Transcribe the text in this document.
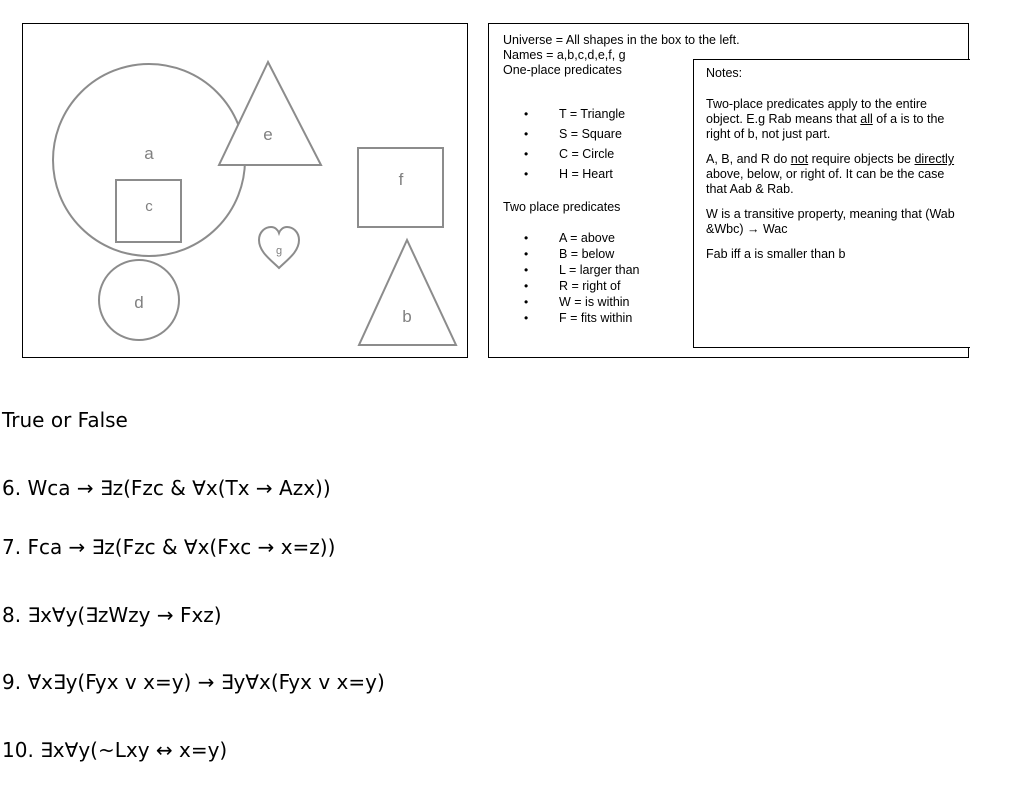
a
e
c
f
d
b
g
Universe = All shapes in the box to the left.
Names = a,b,c,d,e,f, g
One-place predicates
• T = Triangle
• S = Square
• C = Circle
• H = Heart
Two place predicates
• A = above
• B = below
• L = larger than
• R = right of
• W = is within
• F = fits within

Notes:

Two-place predicates apply to the entire object. E.g Rab means that all of a is to the right of b, not just part.

A, B, and R do not require objects be directly above, below, or right of. It can be the case that Aab & Rab.

W is a transitive property, meaning that (Wab &Wbc) → Wac

Fab iff a is smaller than b

True or False
6. Wca → ∃z(Fzc & ∀x(Tx → Azx))
7. Fca → ∃z(Fzc & ∀x(Fxc → x=z))
8. ∃x∀y(∃zWzy → Fxz)
9. ∀x∃y(Fyx v x=y) → ∃y∀x(Fyx v x=y)
10. ∃x∀y(~Lxy ↔ x=y)
